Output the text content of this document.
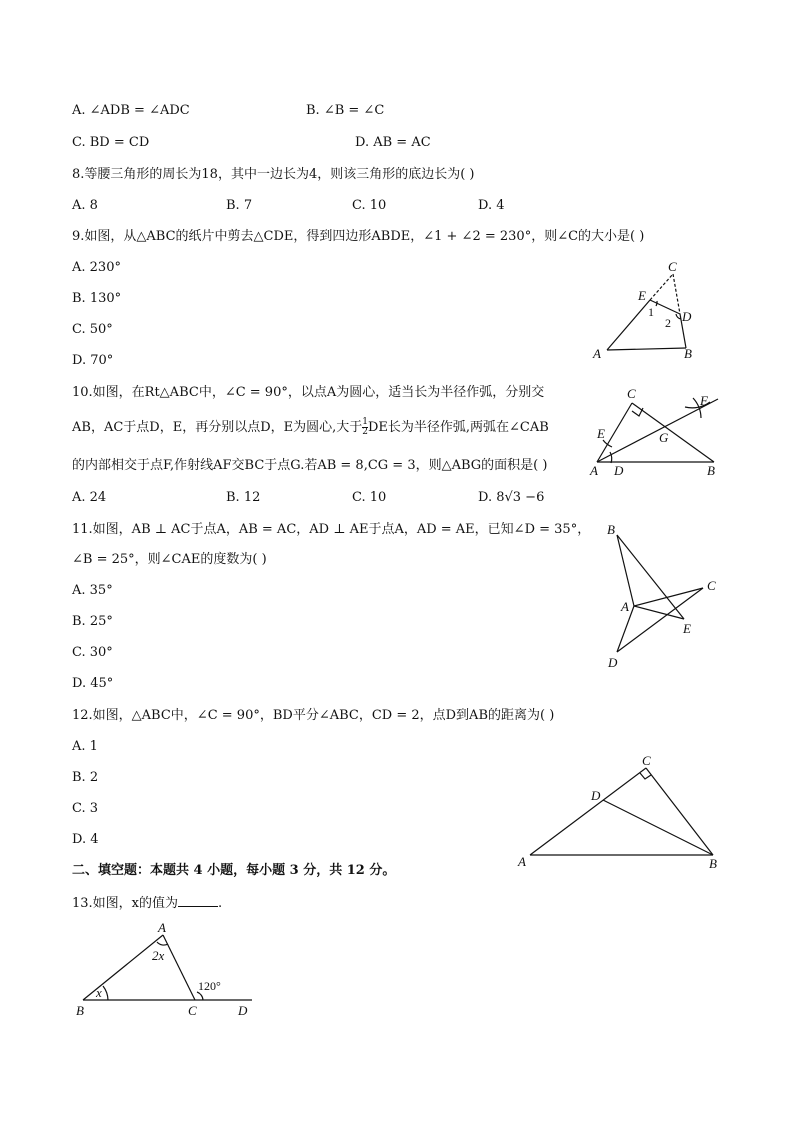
A. ∠ADB = ∠ADC	B. ∠B = ∠C
C. BD = CD	D. AB = AC
8.等腰三角形的周长为18，其中一边长为4，则该三角形的底边长为( )
A. 8	B. 7	C. 10	D. 4
9.如图，从△ABC的纸片中剪去△CDE，得到四边形ABDE，∠1 + ∠2 = 230°，则∠C的大小是( )
A. 230°
B. 130°
C. 50°
D. 70°
C
E
1
2 D
A	B
10.如图，在Rt△ABC中，∠C = 90°，以点A为圆心，适当长为半径作弧，分别交
AB，AC于点D，E，再分别以点D，E为圆心,大于 $\frac{1}{2}$ DE长为半径作弧,两弧在∠CAB
的内部相交于点F,作射线AF交BC于点G.若AB = 8,CG = 3，则△ABG的面积是( )
A. 24	B. 12	C. 10	D. 8√3 −6
C	F
E	G
A D	B
11.如图，AB ⊥ AC于点A，AB = AC，AD ⊥ AE于点A，AD = AE，已知∠D = 35°，
∠B = 25°，则∠CAE的度数为( )
A. 35°
B. 25°
C. 30°
D. 45°
B
C
A
E
D
12.如图，△ABC中，∠C = 90°，BD平分∠ABC，CD = 2，点D到AB的距离为( )
A. 1
B. 2
C. 3
D. 4
C
D
A	B
二、填空题：本题共 4 小题，每小题 3 分，共 12 分。
13.如图，x的值为	.
A
2x
x	120°
B	C	D
